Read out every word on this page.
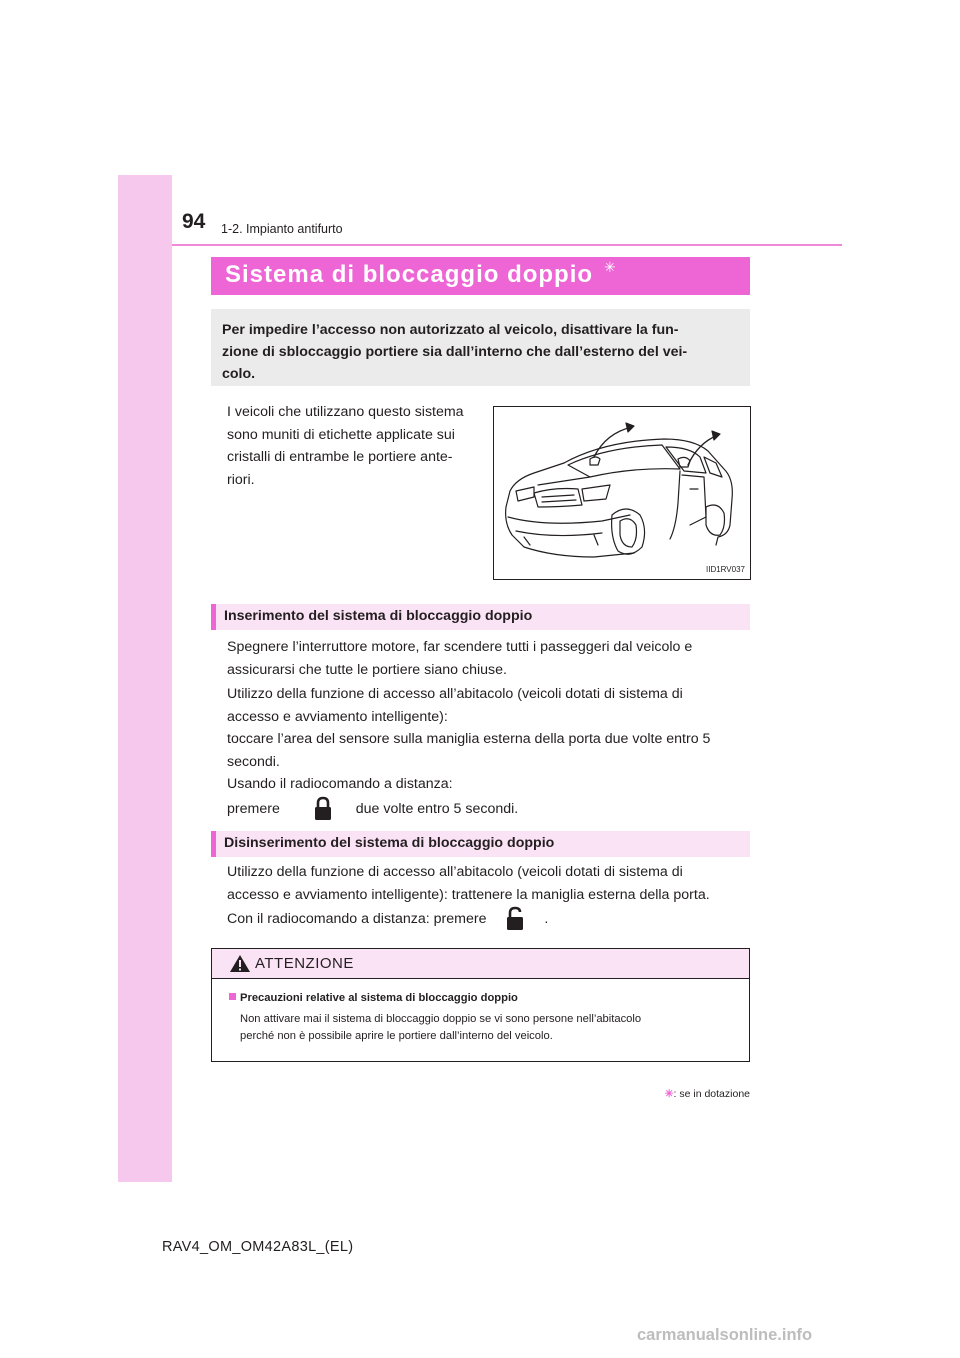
94 1-2. Impianto antifurto
Sistema di bloccaggio doppio ✳
Per impedire l’accesso non autorizzato al veicolo, disattivare la fun-
zione di sbloccaggio portiere sia dall’interno che dall’esterno del vei-
colo.
I veicoli che utilizzano questo sistema
sono muniti di etichette applicate sui
cristalli di entrambe le portiere ante-
riori.
IID1RV037
Inserimento del sistema di bloccaggio doppio
Spegnere l’interruttore motore, far scendere tutti i passeggeri dal veicolo e
assicurarsi che tutte le portiere siano chiuse.
Utilizzo della funzione di accesso all’abitacolo (veicoli dotati di sistema di
accesso e avviamento intelligente):
toccare l’area del sensore sulla maniglia esterna della porta due volte entro 5
secondi.
Usando il radiocomando a distanza:
premere	due volte entro 5 secondi.
Disinserimento del sistema di bloccaggio doppio
Utilizzo della funzione di accesso all’abitacolo (veicoli dotati di sistema di
accesso e avviamento intelligente): trattenere la maniglia esterna della porta.
Con il radiocomando a distanza: premere	.
ATTENZIONE
Precauzioni relative al sistema di bloccaggio doppio
Non attivare mai il sistema di bloccaggio doppio se vi sono persone nell’abitacolo
perché non è possibile aprire le portiere dall’interno del veicolo.
✳: se in dotazione
RAV4_OM_OM42A83L_(EL)
carmanualsonline.info
